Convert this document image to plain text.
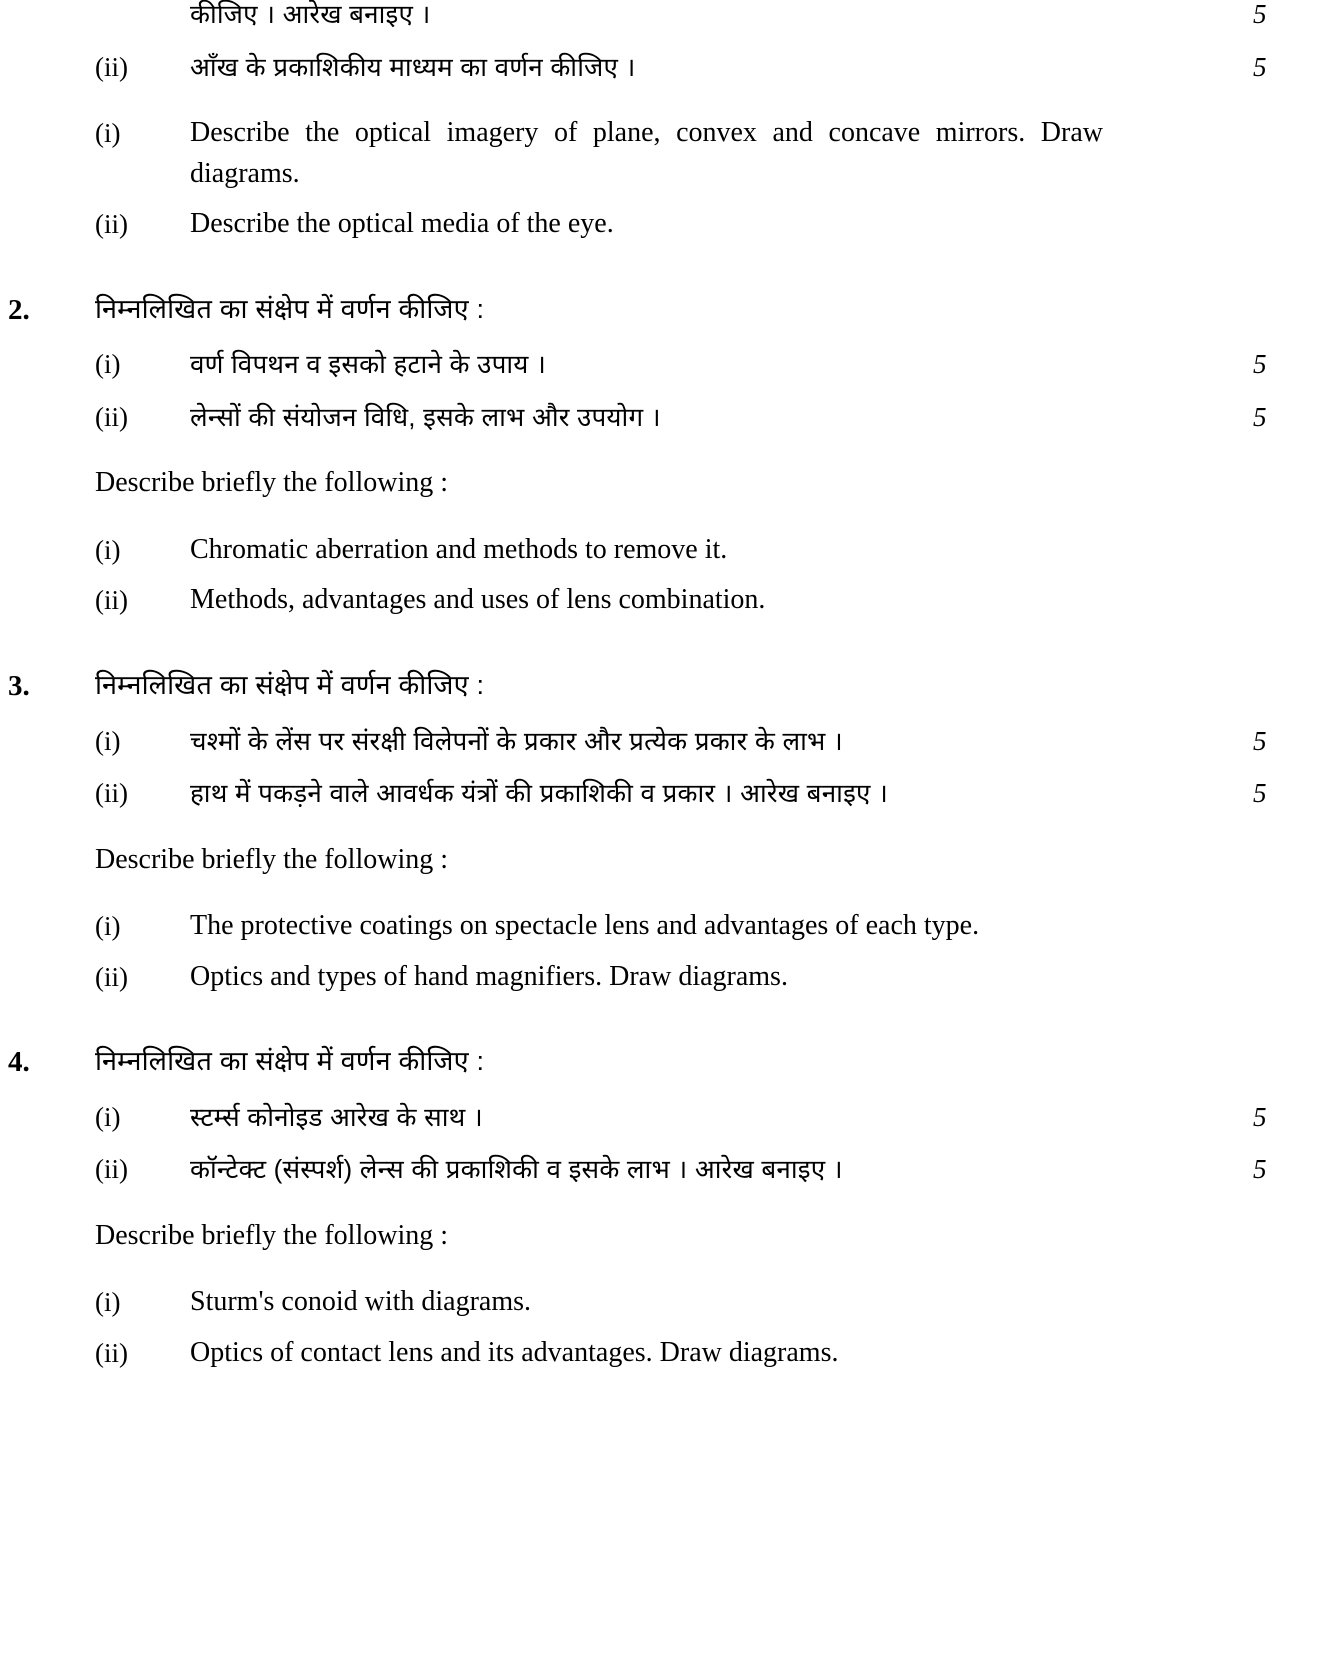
कीजिए । आरेख बनाइए ।	5
(ii)	आँख के प्रकाशिकीय माध्यम का वर्णन कीजिए ।	5
(i)	Describe the optical imagery of plane, convex and concave mirrors. Draw diagrams.
(ii)	Describe the optical media of the eye.
2.	निम्नलिखित का संक्षेप में वर्णन कीजिए :
(i)	वर्ण विपथन व इसको हटाने के उपाय ।	5
(ii)	लेन्सों की संयोजन विधि, इसके लाभ और उपयोग ।	5
Describe briefly the following :
(i)	Chromatic aberration and methods to remove it.
(ii)	Methods, advantages and uses of lens combination.
3.	निम्नलिखित का संक्षेप में वर्णन कीजिए :
(i)	चश्मों के लेंस पर संरक्षी विलेपनों के प्रकार और प्रत्येक प्रकार के लाभ ।	5
(ii)	हाथ में पकड़ने वाले आवर्धक यंत्रों की प्रकाशिकी व प्रकार । आरेख बनाइए ।	5
Describe briefly the following :
(i)	The protective coatings on spectacle lens and advantages of each type.
(ii)	Optics and types of hand magnifiers. Draw diagrams.
4.	निम्नलिखित का संक्षेप में वर्णन कीजिए :
(i)	स्टर्म्स कोनोइड आरेख के साथ ।	5
(ii)	कॉन्टेक्ट (संस्पर्श) लेन्स की प्रकाशिकी व इसके लाभ । आरेख बनाइए ।	5
Describe briefly the following :
(i)	Sturm's conoid with diagrams.
(ii)	Optics of contact lens and its advantages. Draw diagrams.
